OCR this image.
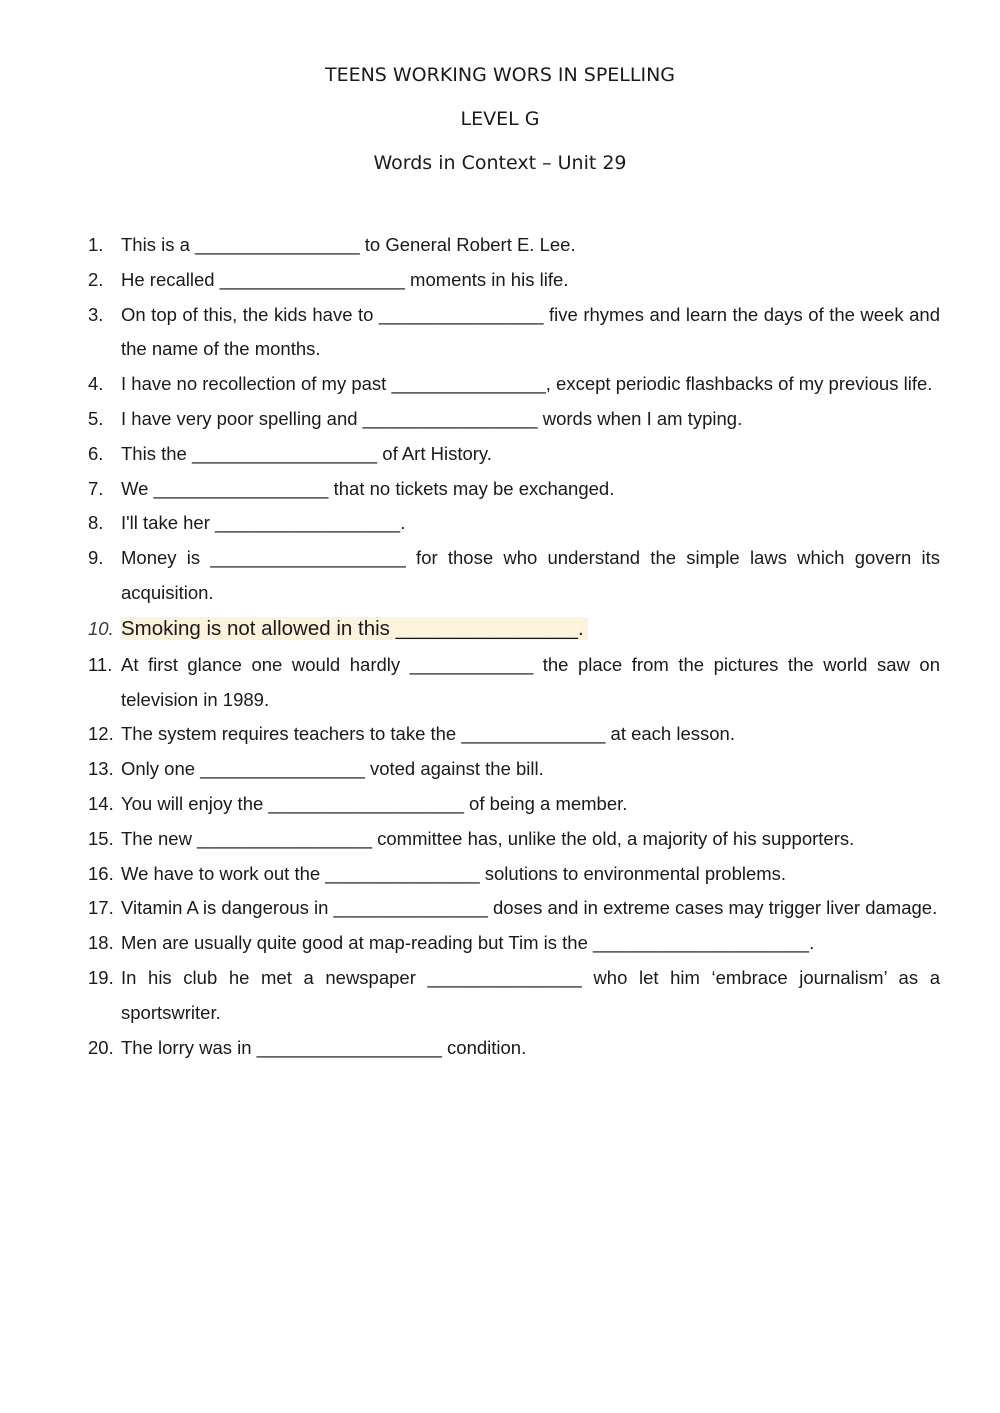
TEENS WORKING WORS IN SPELLING
LEVEL G
Words in Context – Unit 29
1. This is a ________________ to General Robert E. Lee.
2. He recalled __________________ moments in his life.
3. On top of this, the kids have to ________________ five rhymes and learn the days of the week and the name of the months.
4. I have no recollection of my past _______________, except periodic flashbacks of my previous life.
5. I have very poor spelling and _________________ words when I am typing.
6. This the __________________ of Art History.
7. We _________________ that no tickets may be exchanged.
8. I'll take her __________________.
9. Money is ___________________ for those who understand the simple laws which govern its acquisition.
10. Smoking is not allowed in this ________________.
11. At first glance one would hardly ____________ the place from the pictures the world saw on television in 1989.
12. The system requires teachers to take the ______________ at each lesson.
13. Only one ________________ voted against the bill.
14. You will enjoy the ___________________ of being a member.
15. The new _________________ committee has, unlike the old, a majority of his supporters.
16. We have to work out the _______________ solutions to environmental problems.
17. Vitamin A is dangerous in _______________ doses and in extreme cases may trigger liver damage.
18. Men are usually quite good at map-reading but Tim is the _____________________.
19. In his club he met a newspaper _______________ who let him ‘embrace journalism’ as a sportswriter.
20. The lorry was in __________________ condition.
